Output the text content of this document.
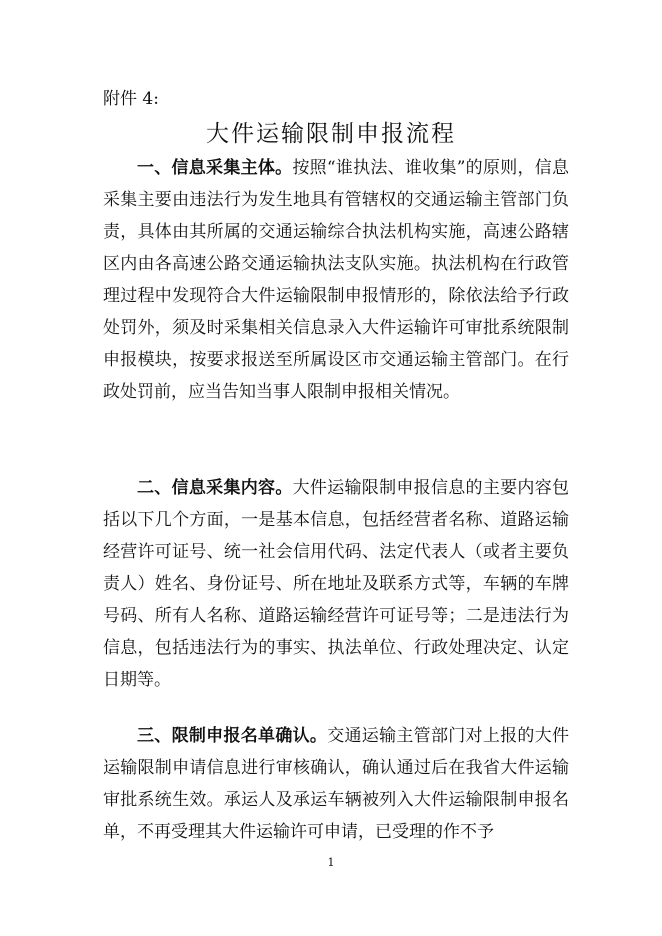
附件 4:
大件运输限制申报流程

一、信息采集主体。按照“谁执法、谁收集”的原则，信息采集主要由违法行为发生地具有管辖权的交通运输主管部门负责，具体由其所属的交通运输综合执法机构实施，高速公路辖区内由各高速公路交通运输执法支队实施。执法机构在行政管理过程中发现符合大件运输限制申报情形的，除依法给予行政处罚外，须及时采集相关信息录入大件运输许可审批系统限制申报模块，按要求报送至所属设区市交通运输主管部门。在行政处罚前，应当告知当事人限制申报相关情况。

二、信息采集内容。大件运输限制申报信息的主要内容包括以下几个方面，一是基本信息，包括经营者名称、道路运输经营许可证号、统一社会信用代码、法定代表人（或者主要负责人）姓名、身份证号、所在地址及联系方式等，车辆的车牌号码、所有人名称、道路运输经营许可证号等；二是违法行为信息，包括违法行为的事实、执法单位、行政处理决定、认定日期等。

三、限制申报名单确认。交通运输主管部门对上报的大件运输限制申请信息进行审核确认，确认通过后在我省大件运输审批系统生效。承运人及承运车辆被列入大件运输限制申报名单，不再受理其大件运输许可申请，已受理的作不予

1
